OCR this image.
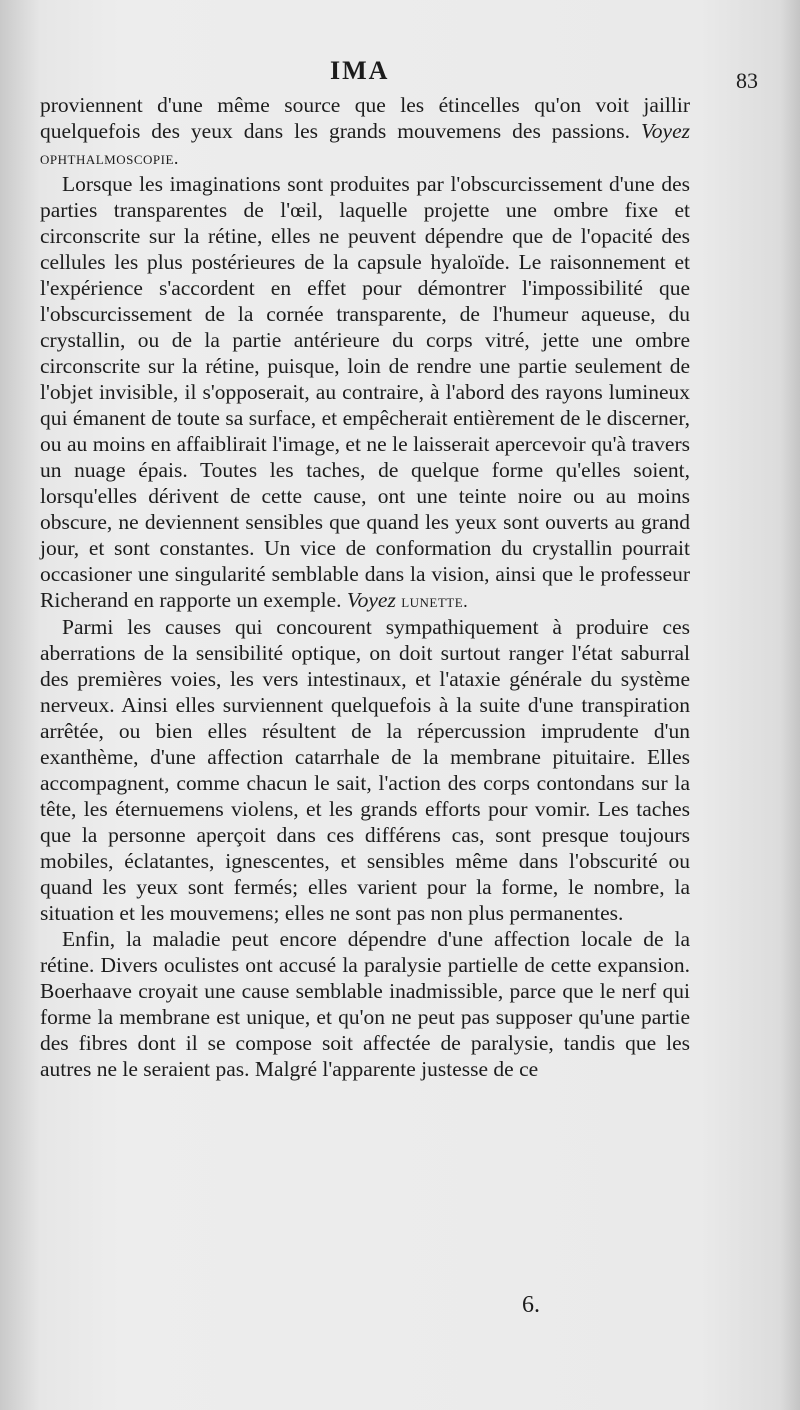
IMA	83

proviennent d'une même source que les étincelles qu'on voit jaillir quelquefois des yeux dans les grands mouvemens des passions. Voyez ophthalmoscopie.

Lorsque les imaginations sont produites par l'obscurcissement d'une des parties transparentes de l'œil, laquelle projette une ombre fixe et circonscrite sur la rétine, elles ne peuvent dépendre que de l'opacité des cellules les plus postérieures de la capsule hyaloïde. Le raisonnement et l'expérience s'accordent en effet pour démontrer l'impossibilité que l'obscurcissement de la cornée transparente, de l'humeur aqueuse, du crystallin, ou de la partie antérieure du corps vitré, jette une ombre circonscrite sur la rétine, puisque, loin de rendre une partie seulement de l'objet invisible, il s'opposerait, au contraire, à l'abord des rayons lumineux qui émanent de toute sa surface, et empêcherait entièrement de le discerner, ou au moins en affaiblirait l'image, et ne le laisserait apercevoir qu'à travers un nuage épais. Toutes les taches, de quelque forme qu'elles soient, lorsqu'elles dérivent de cette cause, ont une teinte noire ou au moins obscure, ne deviennent sensibles que quand les yeux sont ouverts au grand jour, et sont constantes. Un vice de conformation du crystallin pourrait occasioner une singularité semblable dans la vision, ainsi que le professeur Richerand en rapporte un exemple. Voyez lunette.

Parmi les causes qui concourent sympathiquement à produire ces aberrations de la sensibilité optique, on doit surtout ranger l'état saburral des premières voies, les vers intestinaux, et l'ataxie générale du système nerveux. Ainsi elles surviennent quelquefois à la suite d'une transpiration arrêtée, ou bien elles résultent de la répercussion imprudente d'un exanthème, d'une affection catarrhale de la membrane pituitaire. Elles accompagnent, comme chacun le sait, l'action des corps contondans sur la tête, les éternuemens violens, et les grands efforts pour vomir. Les taches que la personne aperçoit dans ces différens cas, sont presque toujours mobiles, éclatantes, ignescentes, et sensibles même dans l'obscurité ou quand les yeux sont fermés; elles varient pour la forme, le nombre, la situation et les mouvemens; elles ne sont pas non plus permanentes.

Enfin, la maladie peut encore dépendre d'une affection locale de la rétine. Divers oculistes ont accusé la paralysie partielle de cette expansion. Boerhaave croyait une cause semblable inadmissible, parce que le nerf qui forme la membrane est unique, et qu'on ne peut pas supposer qu'une partie des fibres dont il se compose soit affectée de paralysie, tandis que les autres ne le seraient pas. Malgré l'apparente justesse de ce

6.
